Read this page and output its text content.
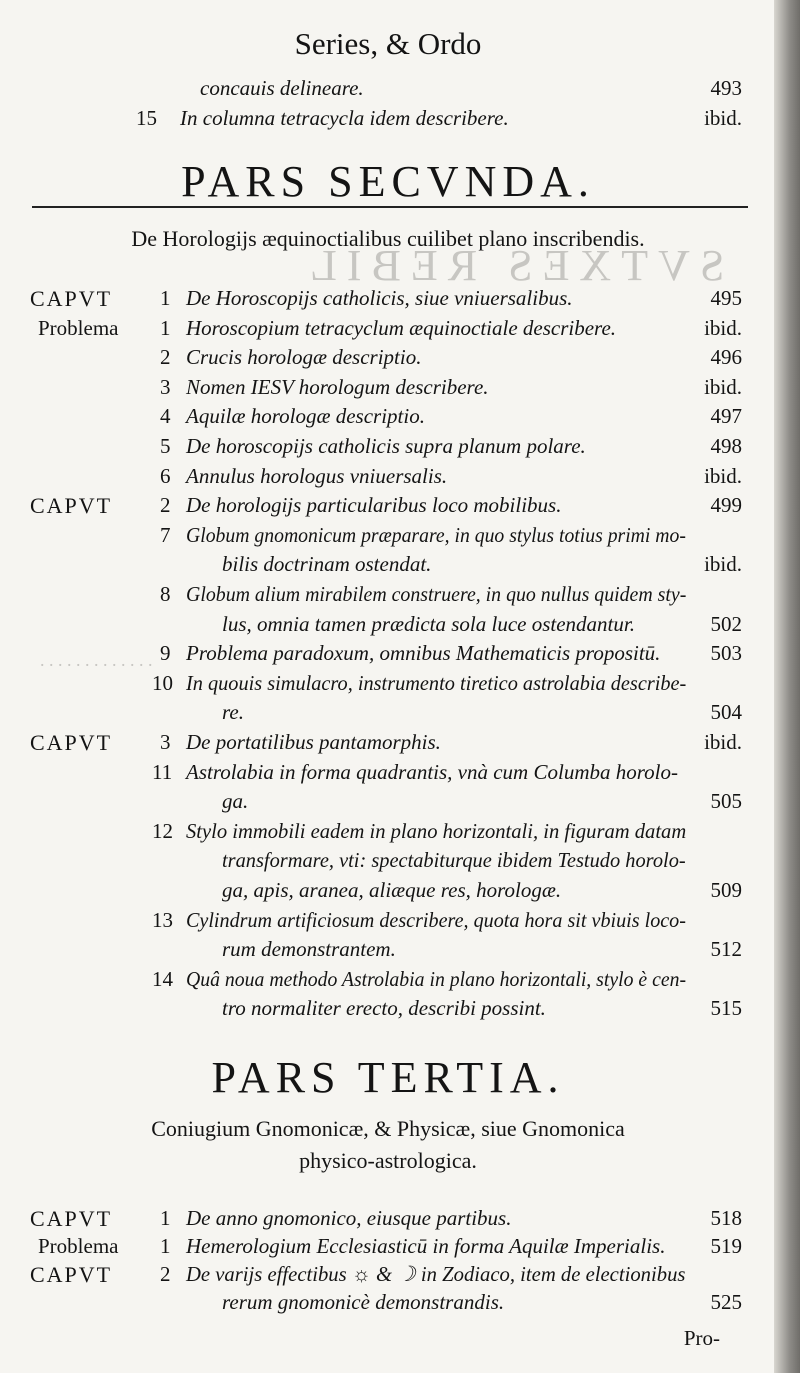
SVTXES REBIL
. . . . . . . . . . . . .
Series, & Ordo
concauis delineare.	493
15 In columna tetracycla idem describere.	ibid.
PARS SECVNDA.
De Horologijs æquinoctialibus cuilibet plano inscribendis.
CAPVT 1 De Horoscopijs catholicis, siue vniuersalibus.	495
Problema 1 Horoscopium tetracyclum æquinoctiale describere.	ibid.
2 Crucis horologæ descriptio.	496
3 Nomen IESV horologum describere.	ibid.
4 Aquilæ horologæ descriptio.	497
5 De horoscopijs catholicis supra planum polare.	498
6 Annulus horologus vniuersalis.	ibid.
CAPVT 2 De horologijs particularibus loco mobilibus.	499
7 Globum gnomonicum præparare, in quo stylus totius primi mo-
bilis doctrinam ostendat.	ibid.
8 Globum alium mirabilem construere, in quo nullus quidem sty-
lus, omnia tamen prædicta sola luce ostendantur.	502
9 Problema paradoxum, omnibus Mathematicis propositū. 503
10 In quouis simulacro, instrumento tiretico astrolabia describe-
re.	504
CAPVT 3 De portatilibus pantamorphis.	ibid.
11 Astrolabia in forma quadrantis, vnà cum Columba horolo-
ga.	505
12 Stylo immobili eadem in plano horizontali, in figuram datam
transformare, vti: spectabiturque ibidem Testudo horolo-
ga, apis, aranea, aliæque res, horologæ.	509
13 Cylindrum artificiosum describere, quota hora sit vbiuis loco-
rum demonstrantem.	512
14 Quâ noua methodo Astrolabia in plano horizontali, stylo è cen-
tro normaliter erecto, describi possint.	515
PARS TERTIA.
Coniugium Gnomonicæ, & Physicæ, siue Gnomonica
physico-astrologica.
CAPVT 1 De anno gnomonico, eiusque partibus.	518
Problema 1 Hemerologium Ecclesiasticū in forma Aquilæ Imperialis. 519
CAPVT 2 De varijs effectibus ☼ & ☽ in Zodiaco, item de electionibus
rerum gnomonicè demonstrandis.	525
Pro-
